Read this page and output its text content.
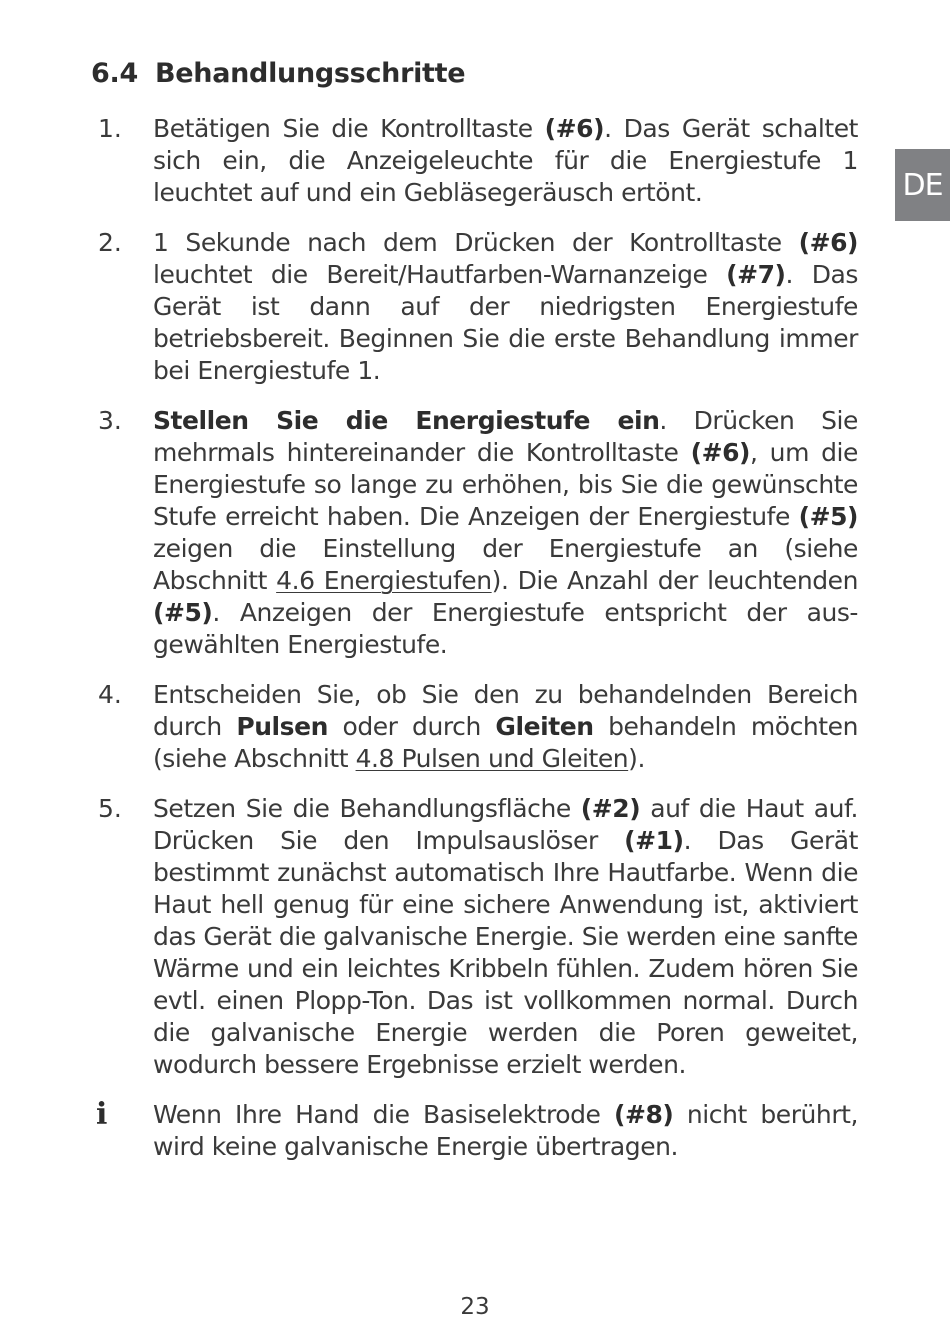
6.4 Behandlungsschritte
DE
1. Betätigen Sie die Kontrolltaste (#6). Das Gerät schaltet sich ein, die Anzeigeleuchte für die Energiestufe 1 leuchtet auf und ein Gebläsegeräusch ertönt.
2. 1 Sekunde nach dem Drücken der Kontrolltaste (#6) leuchtet die Bereit/Hautfarben-Warnanzeige (#7). Das Gerät ist dann auf der niedrigsten Energiestufe betriebsbereit. Beginnen Sie die erste Behandlung immer bei Energiestufe 1.
3. Stellen Sie die Energiestufe ein. Drücken Sie mehrmals hintereinander die Kontrolltaste (#6), um die Energiestufe so lange zu erhöhen, bis Sie die gewünschte Stufe erreicht haben. Die Anzeigen der Energiestufe (#5) zeigen die Einstellung der Energiestufe an (siehe Abschnitt 4.6 Energiestufen). Die Anzahl der leuchtenden (#5). Anzeigen der Energiestufe entspricht der aus-gewählten Energiestufe.
4. Entscheiden Sie, ob Sie den zu behandelnden Bereich durch Pulsen oder durch Gleiten behandeln möchten (siehe Abschnitt 4.8 Pulsen und Gleiten).
5. Setzen Sie die Behandlungsfläche (#2) auf die Haut auf. Drücken Sie den Impulsauslöser (#1). Das Gerät bestimmt zunächst automatisch Ihre Hautfarbe. Wenn die Haut hell genug für eine sichere Anwendung ist, aktiviert das Gerät die galvanische Energie. Sie werden eine sanfte Wärme und ein leichtes Kribbeln fühlen. Zudem hören Sie evtl. einen Plopp-Ton. Das ist vollkommen normal. Durch die galvanische Energie werden die Poren geweitet, wodurch bessere Ergebnisse erzielt werden.
i Wenn Ihre Hand die Basiselektrode (#8) nicht berührt, wird keine galvanische Energie übertragen.
23
